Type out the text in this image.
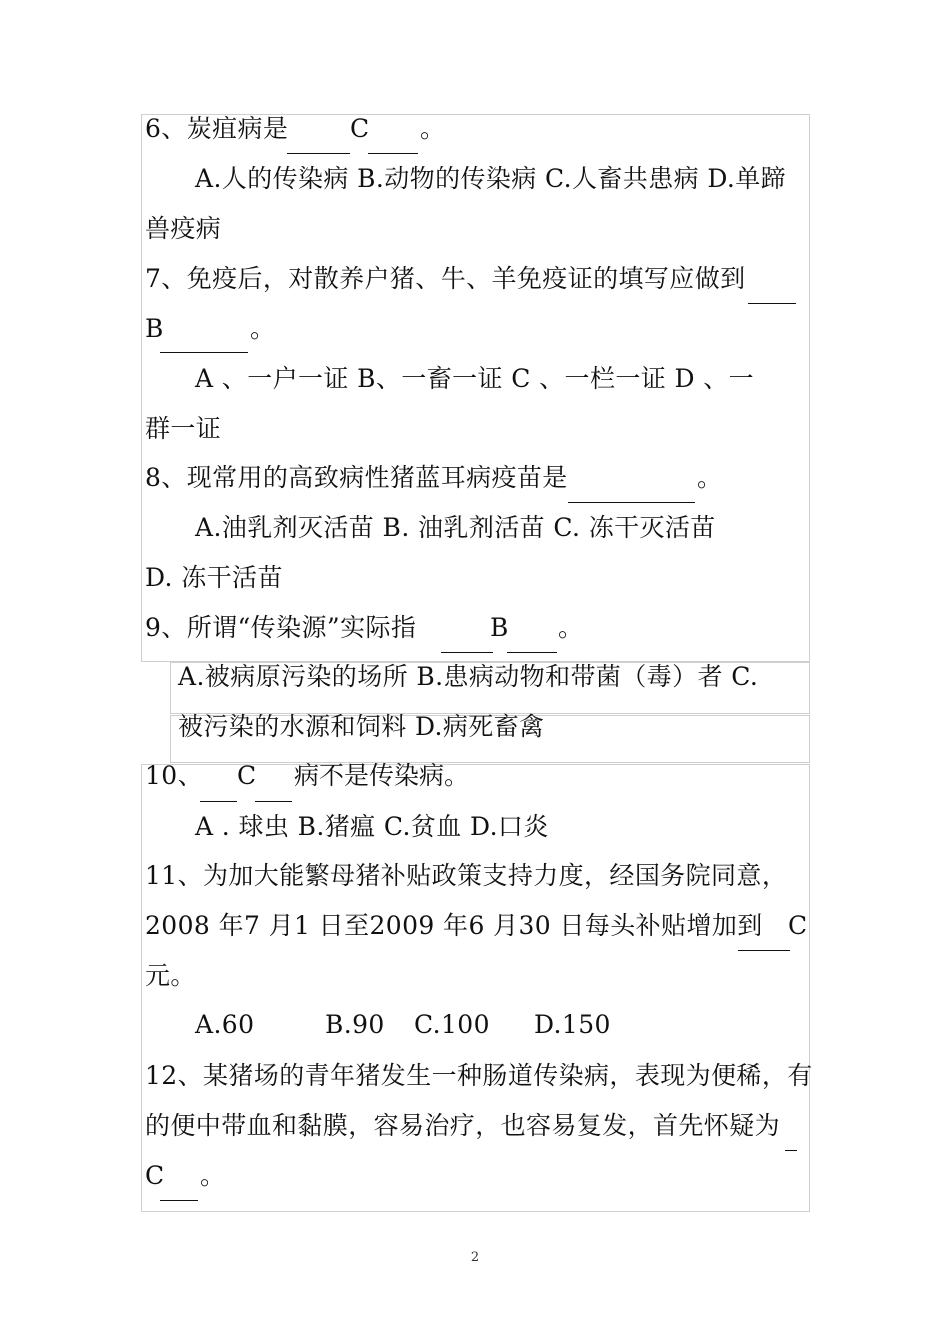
6、炭疽病是 C 。
A.人的传染病 B.动物的传染病 C.人畜共患病 D.单蹄
兽疫病
7、免疫后，对散养户猪、牛、羊免疫证的填写应做到
B	。
A 、一户一证 B、一畜一证 C 、一栏一证 D 、一
群一证
8、现常用的高致病性猪蓝耳病疫苗是	。
A.油乳剂灭活苗 B. 油乳剂活苗 C. 冻干灭活苗
D. 冻干活苗
9、所谓“传染源”实际指	B 。
A.被病原污染的场所 B.患病动物和带菌（毒）者 C.
被污染的水源和饲料 D.病死畜禽
10、 C 病不是传染病。
A . 球虫 B.猪瘟 C.贫血 D.口炎
11、为加大能繁母猪补贴政策支持力度，经国务院同意，
2008 年7 月1 日至2009 年6 月30 日每头补贴增加到 C
元。
A.60	B.90 C.100 D.150
12、某猪场的青年猪发生一种肠道传染病，表现为便稀，有
的便中带血和黏膜，容易治疗，也容易复发，首先怀疑为
C 。
2
